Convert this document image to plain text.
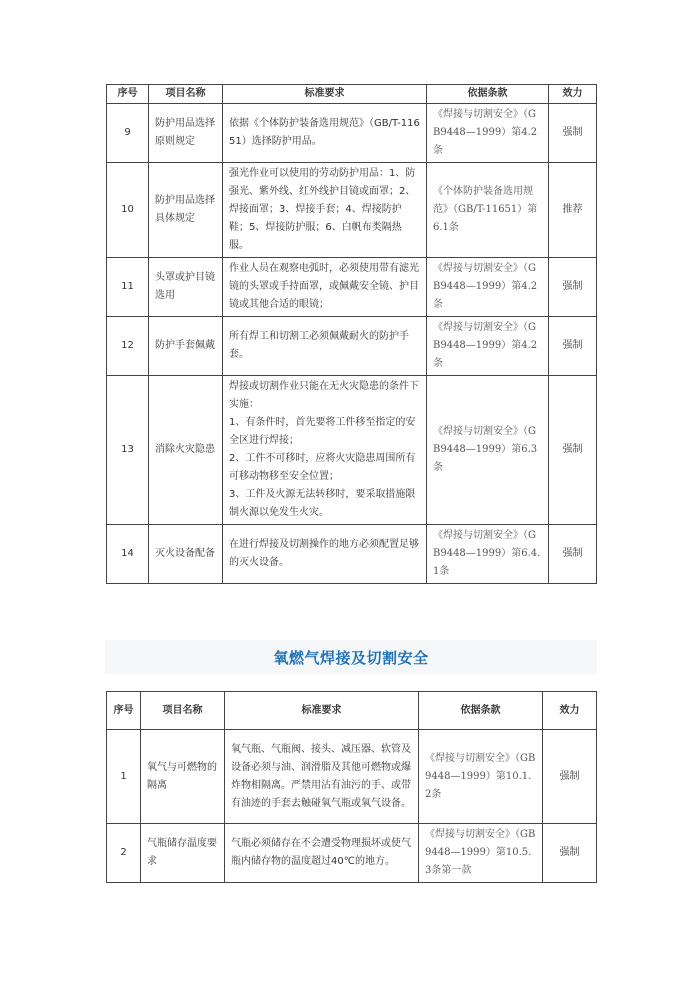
序号	项目名称	标准要求	依据条款	效力
9	防护用品选择原则规定	依据《个体防护装备选用规范》（GB/T-11651）选择防护用品。	《焊接与切割安全》（GB9448—1999）第4.2条	强制
10	防护用品选择具体规定	强光作业可以使用的劳动防护用品：1、防强光、紫外线、红外线护目镜或面罩；2、焊接面罩；3、焊接手套；4、焊接防护鞋；5、焊接防护服；6、白帆布类隔热服。	《个体防护装备选用规范》（GB/T-11651）第6.1条	推荐
11	头罩或护目镜选用	作业人员在观察电弧时，必须使用带有滤光镜的头罩或手持面罩，或佩戴安全镜、护目镜或其他合适的眼镜；	《焊接与切割安全》（GB9448—1999）第4.2条	强制
12	防护手套佩戴	所有焊工和切割工必须佩戴耐火的防护手套。	《焊接与切割安全》（GB9448—1999）第4.2条	强制
13	消除火灾隐患	焊接或切割作业只能在无火灾隐患的条件下实施：
1、有条件时，首先要将工件移至指定的安全区进行焊接；
2、工件不可移时，应将火灾隐患周围所有可移动物移至安全位置；
3、工件及火源无法转移时，要采取措施限制火源以免发生火灾。	《焊接与切割安全》（GB9448—1999）第6.3条	强制
14	灭火设备配备	在进行焊接及切割操作的地方必须配置足够的灭火设备。	《焊接与切割安全》（GB9448—1999）第6.4.1条	强制
氧燃气焊接及切割安全
序号	项目名称	标准要求	依据条款	效力
1	氧气与可燃物的隔离	氧气瓶、气瓶阀、接头、减压器、软管及设备必须与油、润滑脂及其他可燃物或爆炸物相隔离。严禁用沾有油污的手、或带有油迹的手套去触碰氧气瓶或氧气设备。	《焊接与切割安全》（GB9448—1999）第10.1.2条	强制
2	气瓶储存温度要求	气瓶必须储存在不会遭受物理损坏或使气瓶内储存物的温度超过40℃的地方。	《焊接与切割安全》（GB9448—1999）第10.5.3条第一款	强制
